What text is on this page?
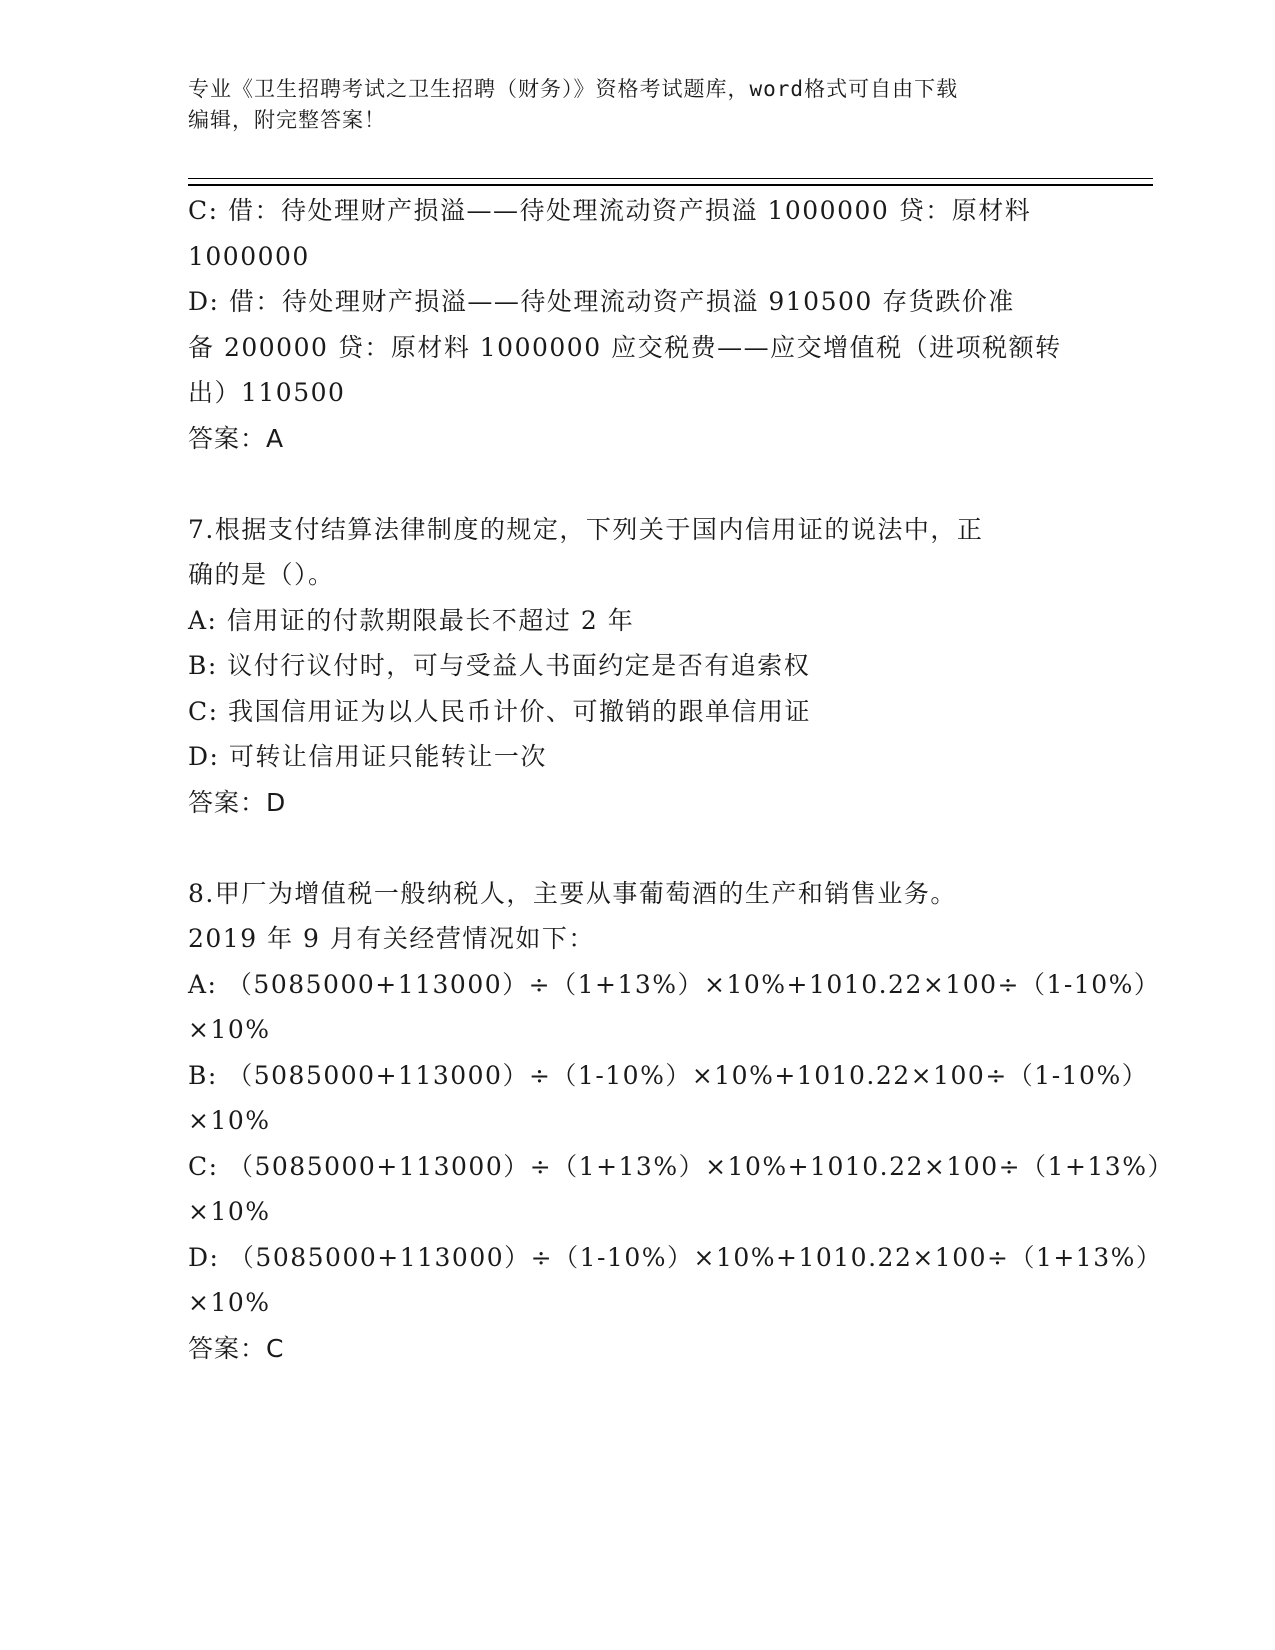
专业《卫生招聘考试之卫生招聘（财务）》资格考试题库，word格式可自由下载
编辑，附完整答案！
C: 借：待处理财产损溢——待处理流动资产损溢 1000000 贷：原材料
1000000
D: 借：待处理财产损溢——待处理流动资产损溢 910500 存货跌价准
备 200000 贷：原材料 1000000 应交税费——应交增值税（进项税额转
出）110500
答案：A
7.根据支付结算法律制度的规定，下列关于国内信用证的说法中，正
确的是（）。
A: 信用证的付款期限最长不超过 2 年
B: 议付行议付时，可与受益人书面约定是否有追索权
C: 我国信用证为以人民币计价、可撤销的跟单信用证
D: 可转让信用证只能转让一次
答案：D
8.甲厂为增值税一般纳税人，主要从事葡萄酒的生产和销售业务。
2019 年 9 月有关经营情况如下：
A: （5085000+113000）÷（1+13%）×10%+1010.22×100÷（1-10%）
×10%
B: （5085000+113000）÷（1-10%）×10%+1010.22×100÷（1-10%）
×10%
C: （5085000+113000）÷（1+13%）×10%+1010.22×100÷（1+13%）
×10%
D: （5085000+113000）÷（1-10%）×10%+1010.22×100÷（1+13%）
×10%
答案：C
